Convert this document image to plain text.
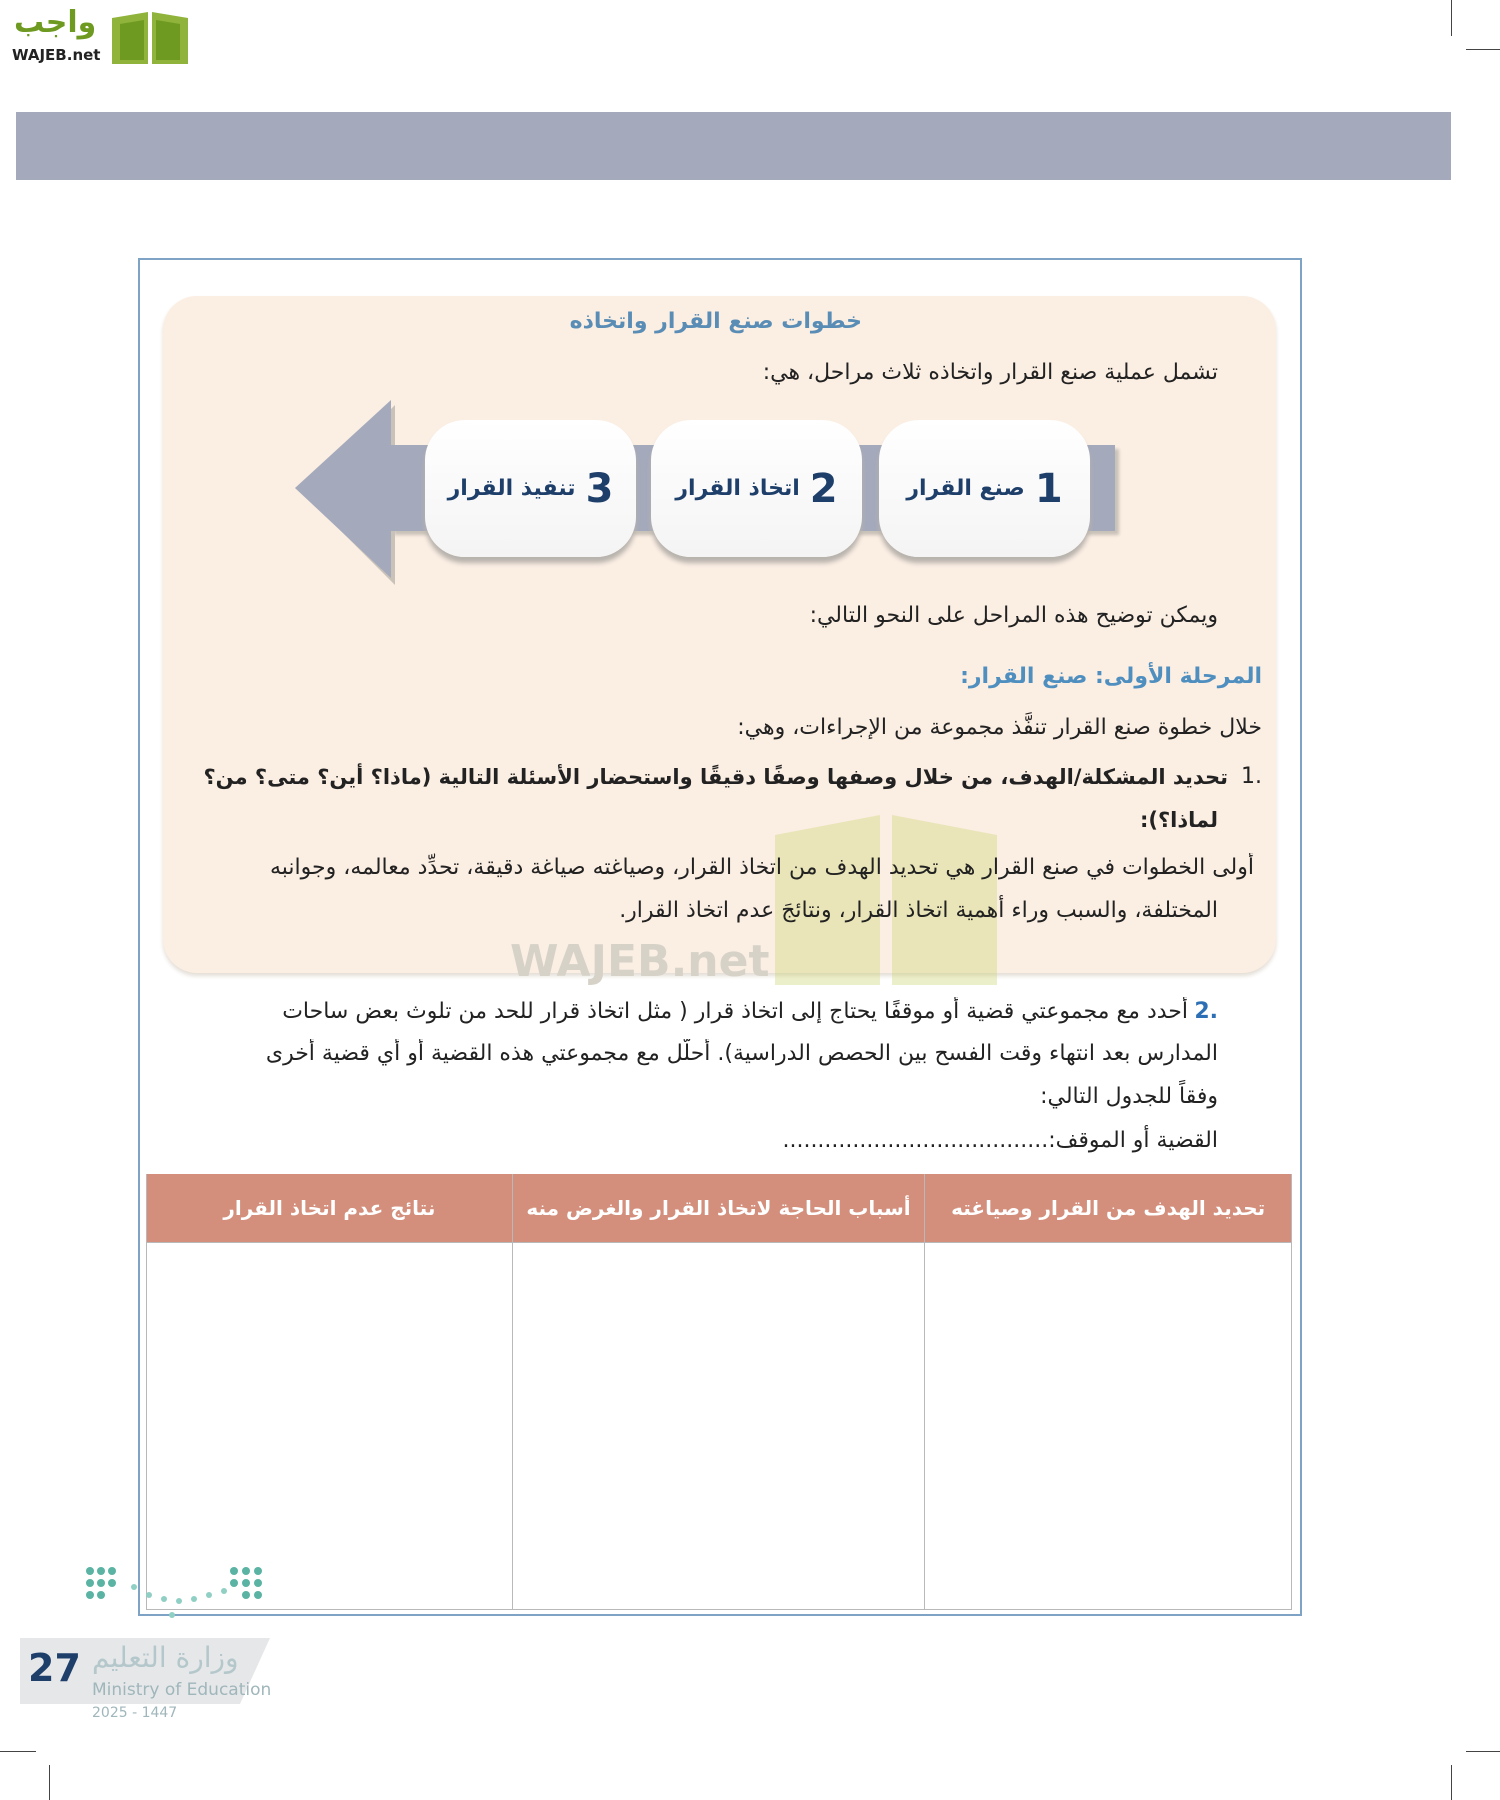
واجب
WAJEB.net
WAJEB.net
خطوات صنع القرار واتخاذه
تشمل عملية صنع القرار واتخاذه ثلاث مراحل، هي:
1
صنع القرار
2
اتخاذ القرار
3
تنفيذ القرار
ويمكن توضيح هذه المراحل على النحو التالي:
المرحلة الأولى: صنع القرار:
خلال خطوة صنع القرار تنفَّذ مجموعة من الإجراءات، وهي:
1.
تحديد المشكلة/الهدف، من خلال وصفها وصفًا دقيقًا واستحضار الأسئلة التالية (ماذا؟ أين؟ متى؟ من؟
لماذا؟):
أولى الخطوات في صنع القرار هي تحديد الهدف من اتخاذ القرار، وصياغته صياغة دقيقة، تحدِّد معالمه، وجوانبه
المختلفة، والسبب وراء أهمية اتخاذ القرار، ونتائجَ عدم اتخاذ القرار.
2.
أحدد مع مجموعتي قضية أو موقفًا يحتاج إلى اتخاذ قرار ( مثل اتخاذ قرار للحد من تلوث بعض ساحات
المدارس بعد انتهاء وقت الفسح بين الحصص الدراسية). أحلّل مع مجموعتي هذه القضية أو أي قضية أخرى
وفقاً للجدول التالي:
القضية أو الموقف:......................................
تحديد الهدف من القرار وصياغته	أسباب الحاجة لاتخاذ القرار والغرض منه	نتائج عدم اتخاذ القرار

27 وزارة التعليم
Ministry of Education
2025 - 1447
